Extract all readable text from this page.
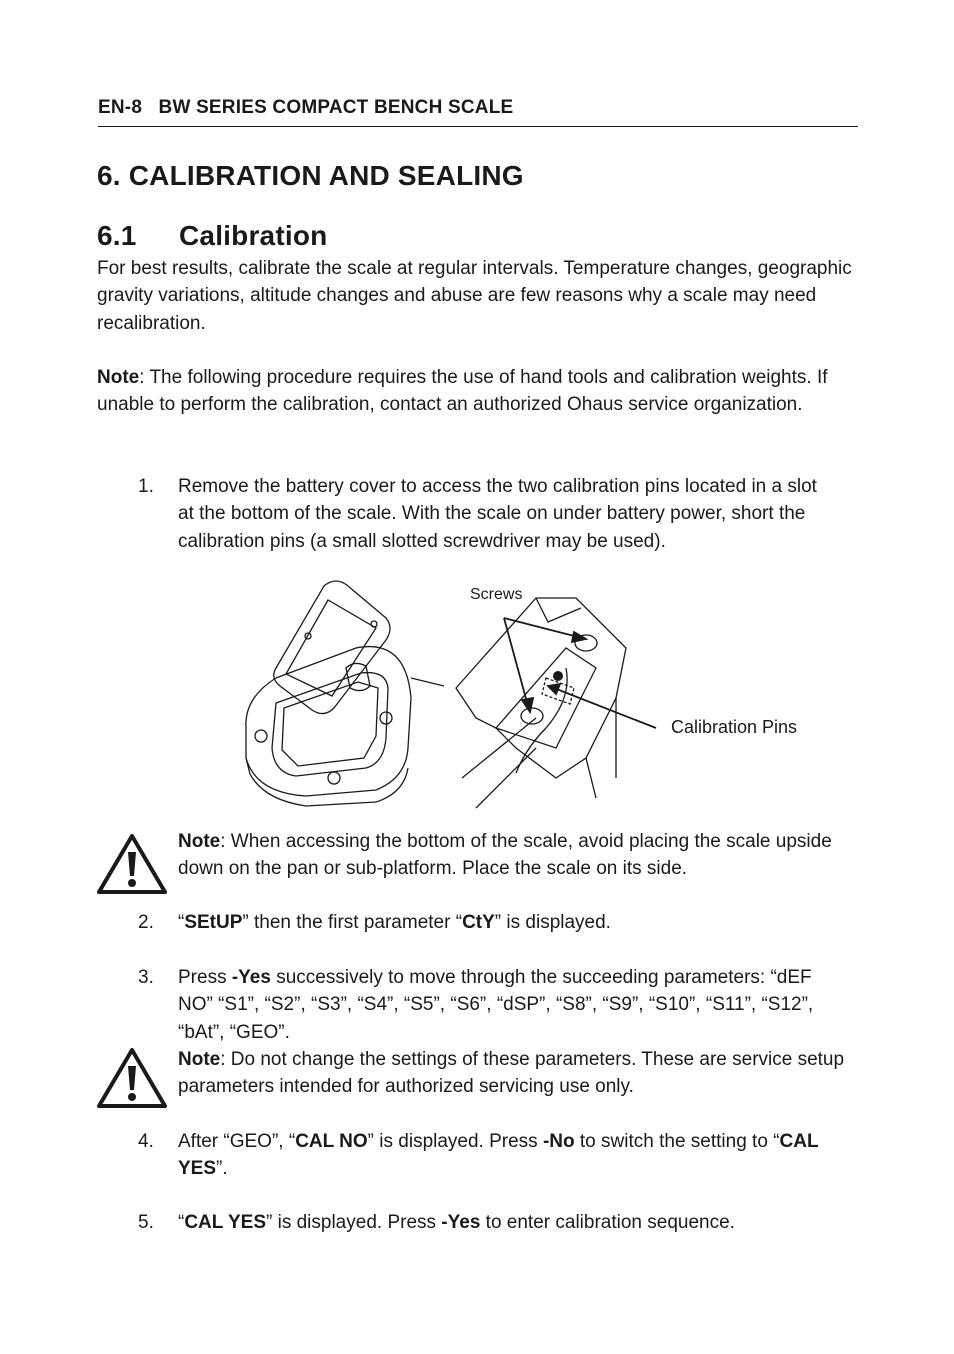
EN-8 BW SERIES COMPACT BENCH SCALE
6. CALIBRATION AND SEALING
6.1 Calibration
For best results, calibrate the scale at regular intervals. Temperature changes, geographic gravity variations, altitude changes and abuse are few reasons why a scale may need recalibration.
Note: The following procedure requires the use of hand tools and calibration weights. If unable to perform the calibration, contact an authorized Ohaus service organization.
1. Remove the battery cover to access the two calibration pins located in a slot at the bottom of the scale. With the scale on under battery power, short the calibration pins (a small slotted screwdriver may be used).
Screws
Calibration Pins
Note: When accessing the bottom of the scale, avoid placing the scale upside down on the pan or sub-platform. Place the scale on its side.
2. “SEtUP” then the first parameter “CtY” is displayed.
3. Press -Yes successively to move through the succeeding parameters: “dEF NO” “S1”, “S2”, “S3”, “S4”, “S5”, “S6”, “dSP”, “S8”, “S9”, “S10”, “S11”, “S12”, “bAt”, “GEO”.
Note: Do not change the settings of these parameters. These are service setup parameters intended for authorized servicing use only.
4. After “GEO”, “CAL NO” is displayed. Press -No to switch the setting to “CAL YES”.
5. “CAL YES” is displayed. Press -Yes to enter calibration sequence.
